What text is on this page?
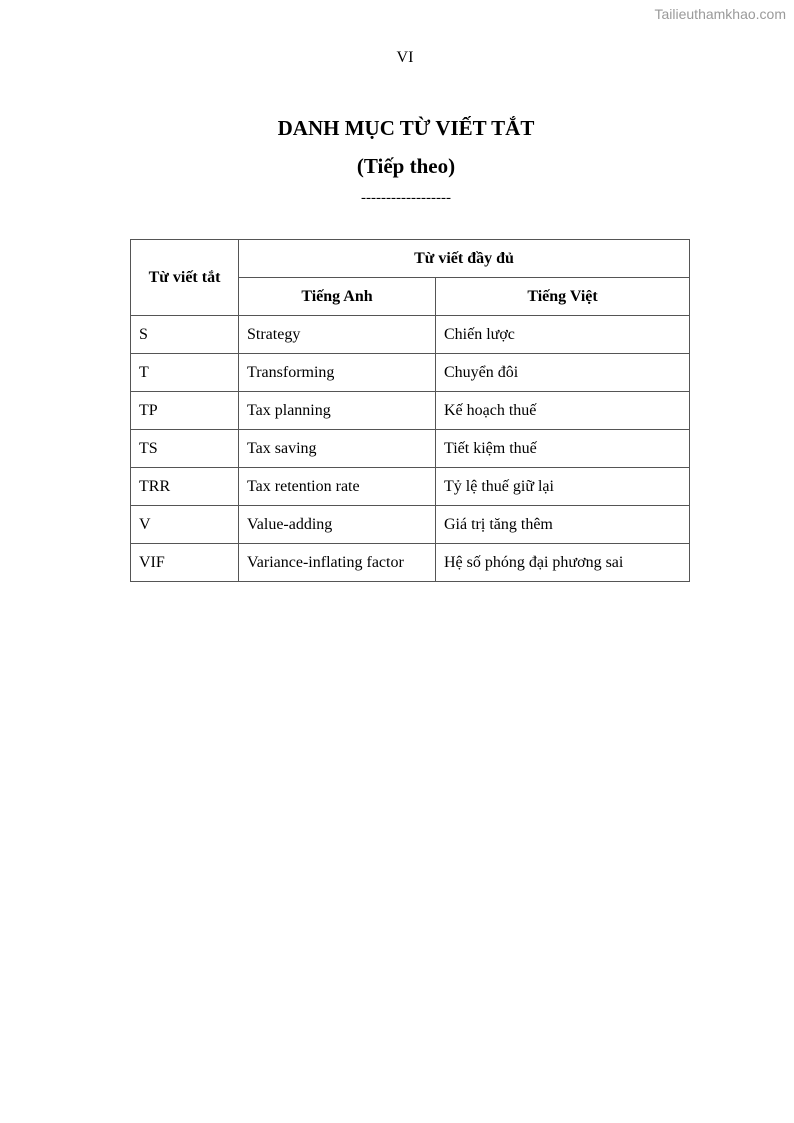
Tailieuthamkhao.com
VI
DANH MỤC TỪ VIẾT TẮT
(Tiếp theo)
------------------
Từ viết tắt	Từ viết đầy đủ	
	Tiếng Anh	Tiếng Việt
S	Strategy	Chiến lược
T	Transforming	Chuyển đôi
TP	Tax planning	Kế hoạch thuế
TS	Tax saving	Tiết kiệm thuế
TRR	Tax retention rate	Tỷ lệ thuế giữ lại
V	Value-adding	Giá trị tăng thêm
VIF	Variance-inflating factor	Hệ số phóng đại phương sai
